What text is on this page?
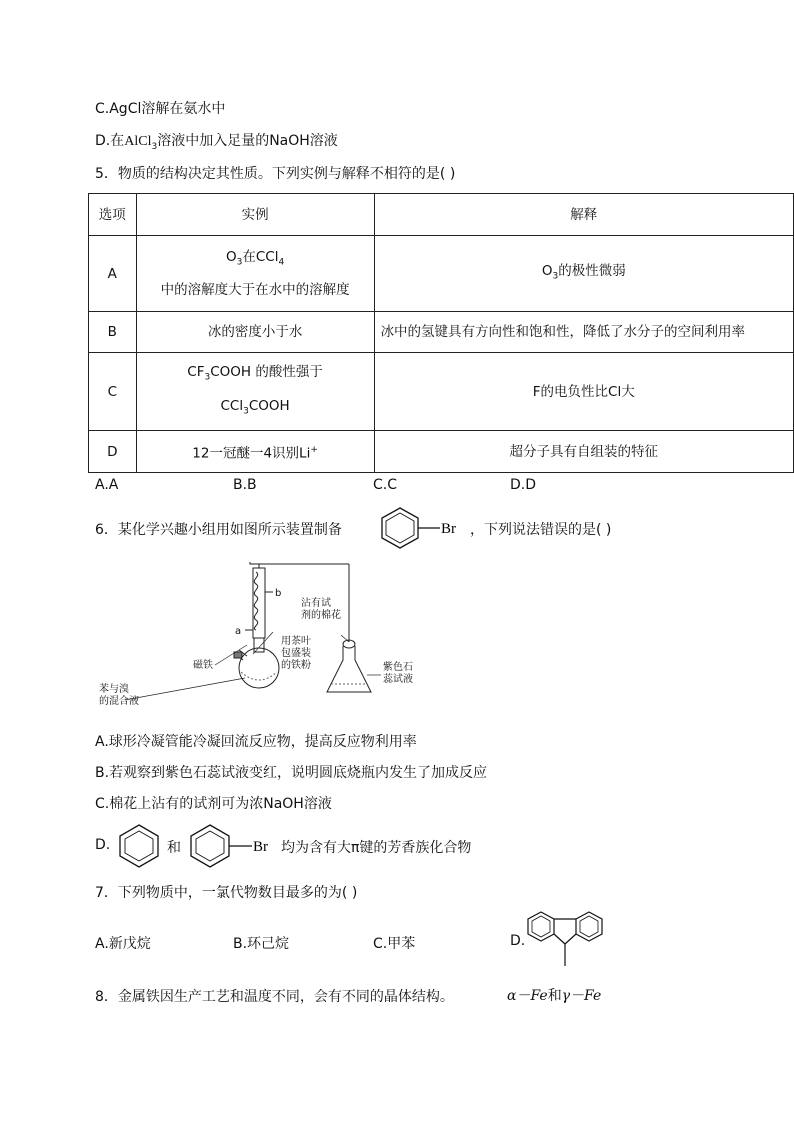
C.AgCl溶解在氨水中
D.在AlCl$_3$溶液中加入足量的NaOH溶液
5．物质的结构决定其性质。下列实例与解释不相符的是( )
选项	实例	解释
A	$O_3$在CCl$_4$
中的溶解度大于在水中的溶解度	$O_3$的极性微弱
B	冰的密度小于水	冰中的氢键具有方向性和饱和性，降低了水分子的空间利用率
C	$CF_3COOH$ 的酸性强于
CCl$_3$COOH	F的电负性比Cl大
D	12一冠醚一4识别Li+	超分子具有自组装的特征
A.A	B.B	C.C	D.D
6．某化学兴趣小组用如图所示装置制备	Br ，下列说法错误的是( )
b
a
沾有试
剂的棉花
用茶叶
包盛装
的铁粉
磁铁
苯与溴
的混合液
紫色石
蕊试液
A.球形冷凝管能冷凝回流反应物，提高反应物利用率
B.若观察到紫色石蕊试液变红，说明圆底烧瓶内发生了加成反应
C.棉花上沾有的试剂可为浓NaOH溶液
D.	和	Br 均为含有大π键的芳香族化合物
7．下列物质中，一氯代物数目最多的为( )
A.新戊烷	B.环己烷	C.甲苯	D.
8．金属铁因生产工艺和温度不同，会有不同的晶体结构。	α－Fe和γ－Fe
